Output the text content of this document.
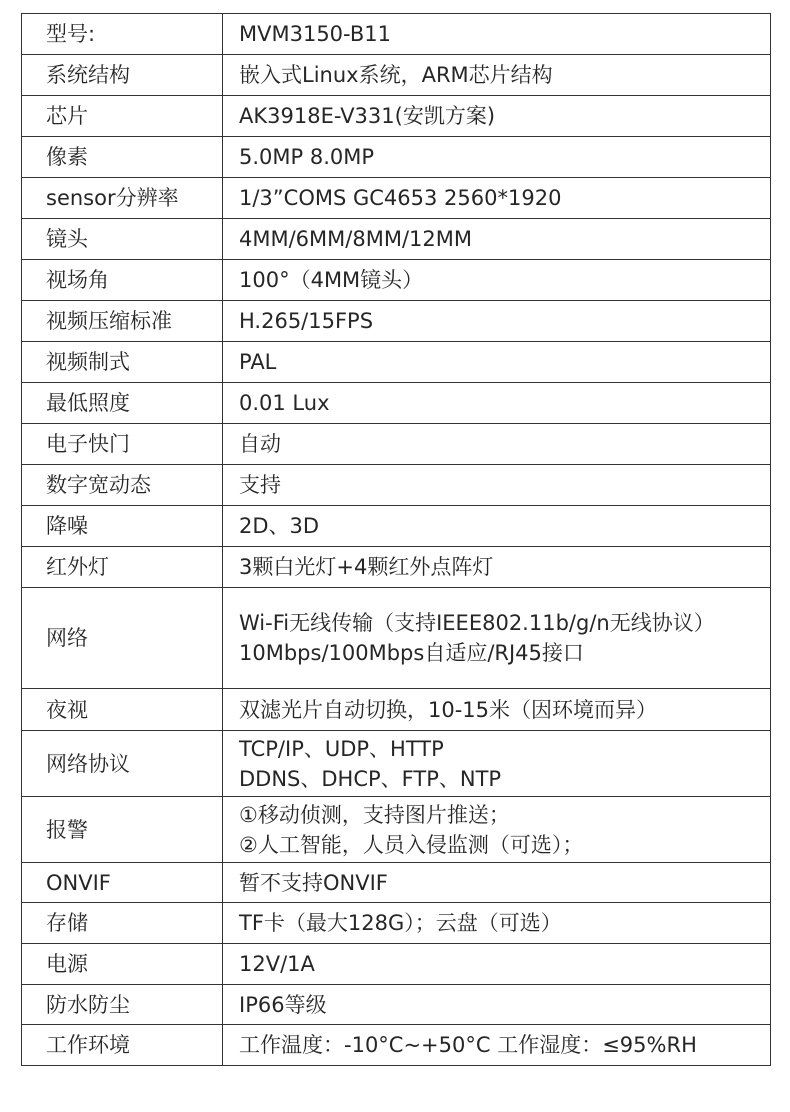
型号:	MVM3150-B11

系统结构	嵌入式Linux系统，ARM芯片结构

芯片	AK3918E-V331(安凯方案)

像素	5.0MP 8.0MP

sensor分辨率	1/3”COMS GC4653 2560*1920

镜头	4MM/6MM/8MM/12MM

视场角	100°（4MM镜头）

视频压缩标准	H.265/15FPS

视频制式	PAL

最低照度	0.01 Lux

电子快门	自动

数字宽动态	支持

降噪	2D、3D

红外灯	3颗白光灯+4颗红外点阵灯

网络	Wi-Fi无线传输（支持IEEE802.11b/g/n无线协议）
10Mbps/100Mbps自适应/RJ45接口

夜视	双滤光片自动切换，10-15米（因环境而异）

网络协议	TCP/IP、UDP、HTTP
DDNS、DHCP、FTP、NTP

报警	①移动侦测，支持图片推送；
②人工智能，人员入侵监测（可选）；

ONVIF	暂不支持ONVIF

存储	TF卡（最大128G）；云盘（可选）

电源	12V/1A

防水防尘	IP66等级

工作环境	工作温度：-10°C~+50°C 工作湿度：≤95%RH
